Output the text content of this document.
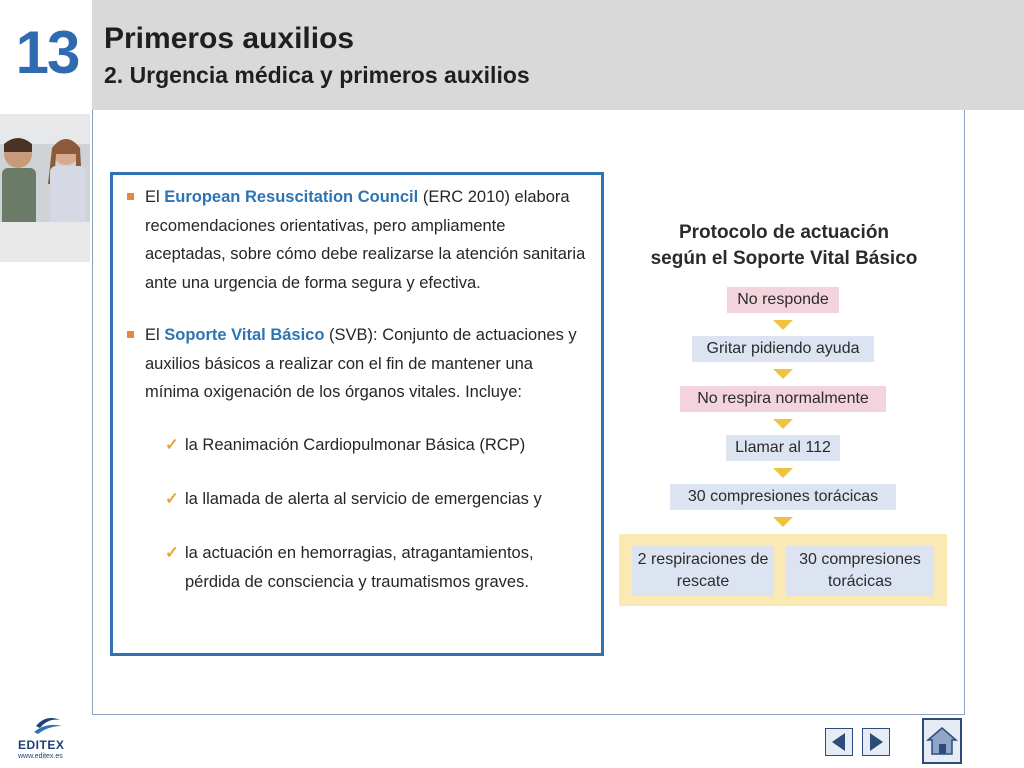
13 Primeros auxilios
2. Urgencia médica y primeros auxilios
El European Resuscitation Council (ERC 2010) elabora recomendaciones orientativas, pero ampliamente aceptadas, sobre cómo debe realizarse la atención sanitaria ante una urgencia de forma segura y efectiva.
El Soporte Vital Básico (SVB): Conjunto de actuaciones y auxilios básicos a realizar con el fin de mantener una mínima oxigenación de los órganos vitales. Incluye:
✓ la Reanimación Cardiopulmonar Básica (RCP)
✓ la llamada de alerta al servicio de emergencias y
✓ la actuación en hemorragias, atragantamientos, pérdida de consciencia y traumatismos graves.
Protocolo de actuación
según el Soporte Vital Básico
No responde
Gritar pidiendo ayuda
No respira normalmente
Llamar al 112
30 compresiones torácicas
2 respiraciones de rescate
30 compresiones torácicas
EDITEX
www.editex.es
